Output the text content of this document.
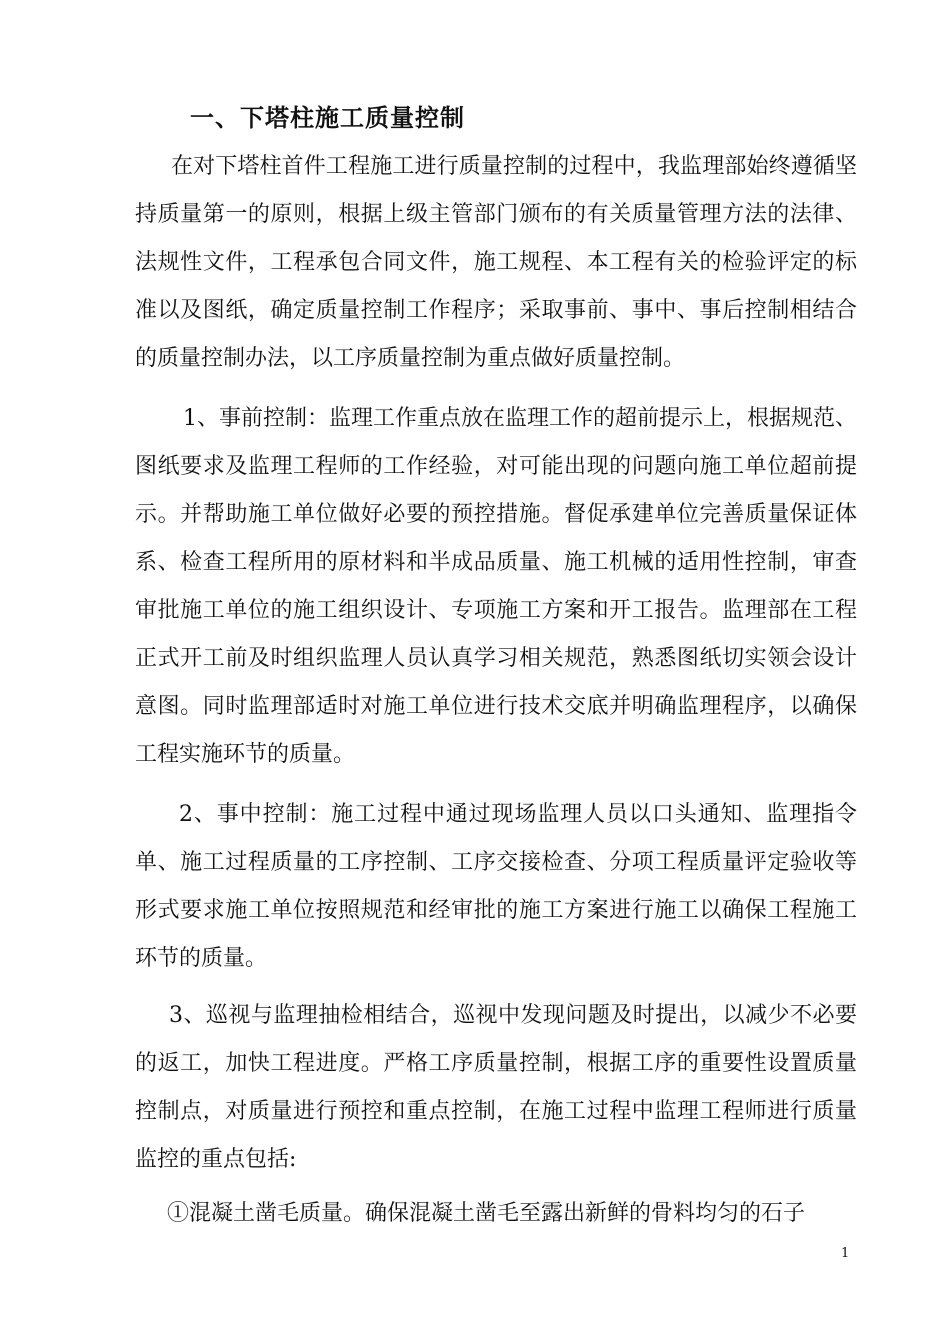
一、下塔柱施工质量控制

在对下塔柱首件工程施工进行质量控制的过程中，我监理部始终遵循坚持质量第一的原则，根据上级主管部门颁布的有关质量管理方法的法律、法规性文件，工程承包合同文件，施工规程、本工程有关的检验评定的标准以及图纸，确定质量控制工作程序；采取事前、事中、事后控制相结合的质量控制办法，以工序质量控制为重点做好质量控制。

1、事前控制：监理工作重点放在监理工作的超前提示上，根据规范、图纸要求及监理工程师的工作经验，对可能出现的问题向施工单位超前提示。并帮助施工单位做好必要的预控措施。督促承建单位完善质量保证体系、检查工程所用的原材料和半成品质量、施工机械的适用性控制，审查审批施工单位的施工组织设计、专项施工方案和开工报告。监理部在工程正式开工前及时组织监理人员认真学习相关规范，熟悉图纸切实领会设计意图。同时监理部适时对施工单位进行技术交底并明确监理程序，以确保工程实施环节的质量。

2、事中控制：施工过程中通过现场监理人员以口头通知、监理指令单、施工过程质量的工序控制、工序交接检查、分项工程质量评定验收等形式要求施工单位按照规范和经审批的施工方案进行施工以确保工程施工环节的质量。

3、巡视与监理抽检相结合，巡视中发现问题及时提出，以减少不必要的返工，加快工程进度。严格工序质量控制，根据工序的重要性设置质量控制点，对质量进行预控和重点控制，在施工过程中监理工程师进行质量监控的重点包括:

①混凝土凿毛质量。确保混凝土凿毛至露出新鲜的骨料均匀的石子

1
